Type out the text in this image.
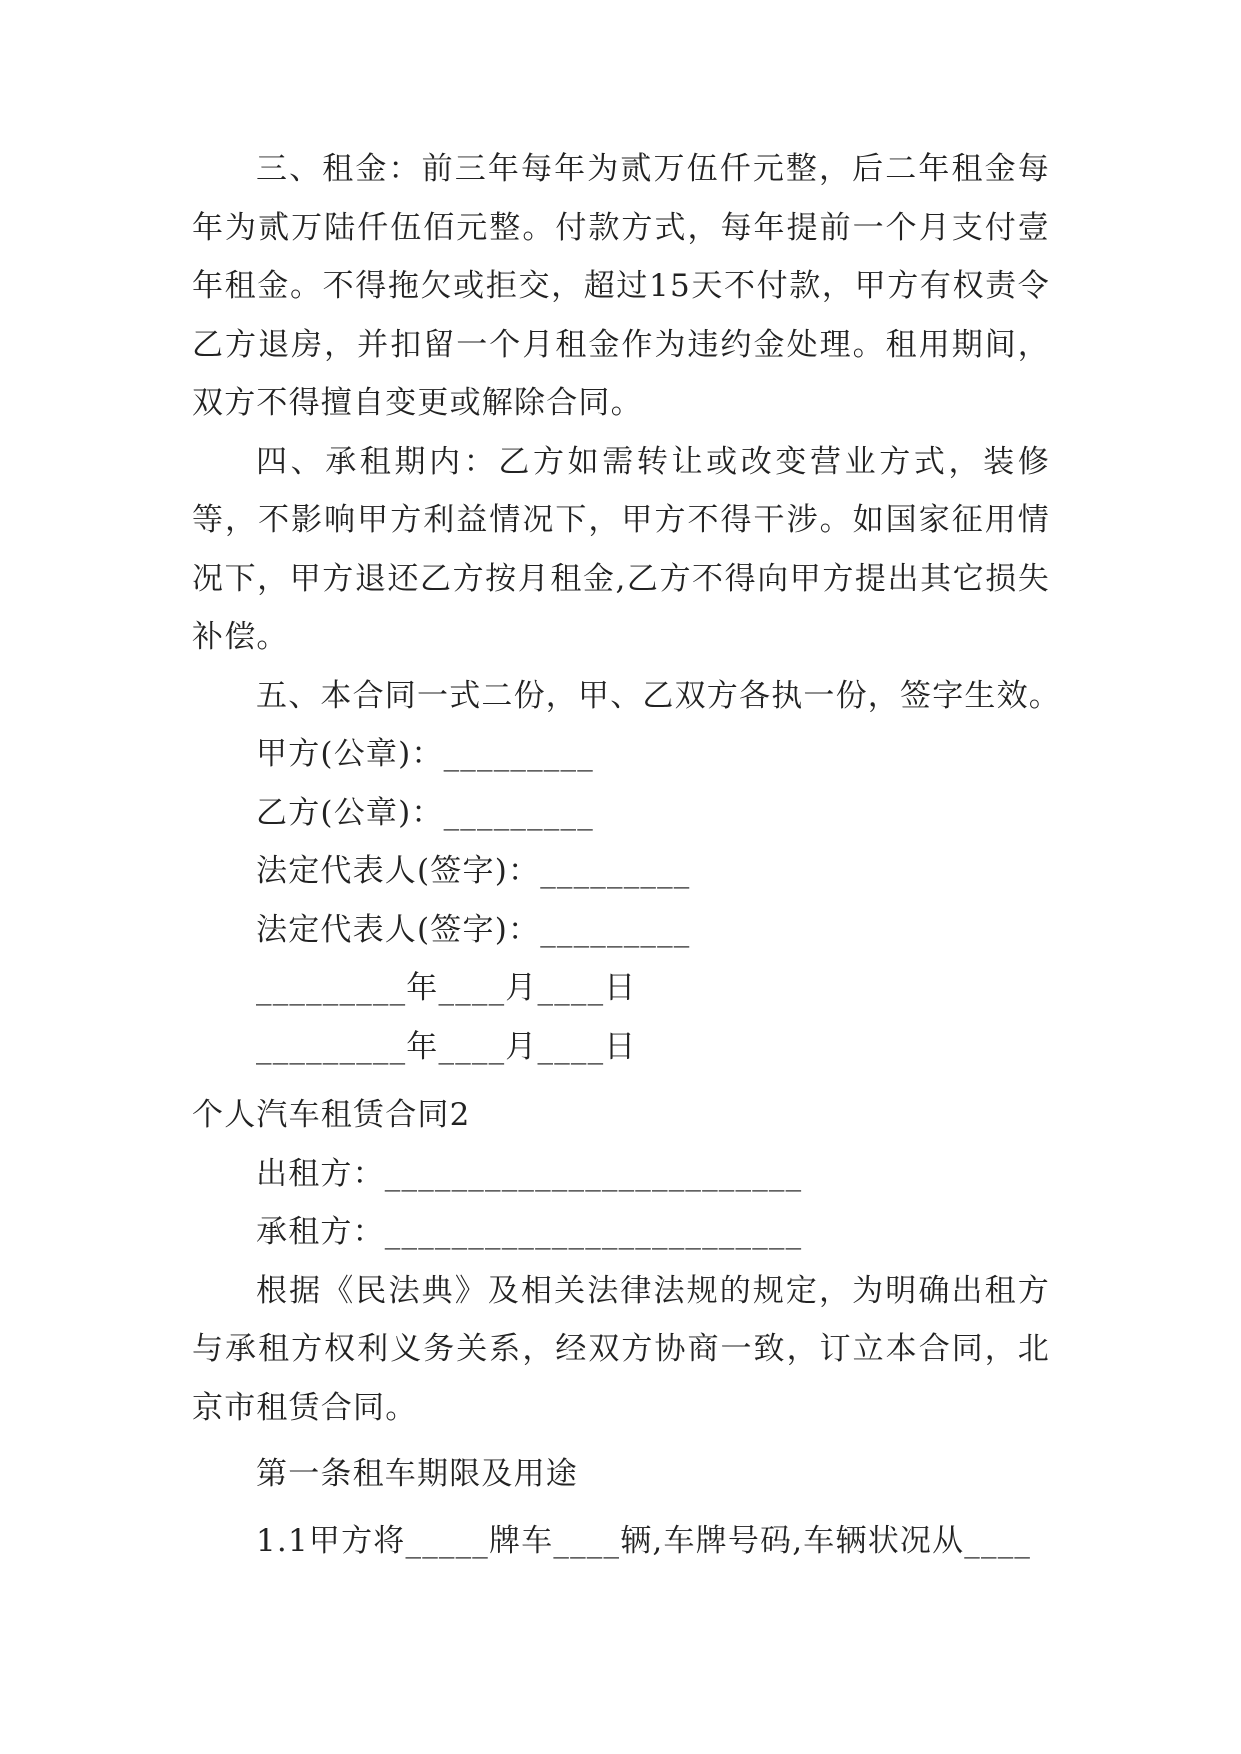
三、租金：前三年每年为贰万伍仟元整，后二年租金每年为贰万陆仟伍佰元整。付款方式，每年提前一个月支付壹年租金。不得拖欠或拒交，超过15天不付款，甲方有权责令乙方退房，并扣留一个月租金作为违约金处理。租用期间，双方不得擅自变更或解除合同。

四、承租期内：乙方如需转让或改变营业方式，装修等，不影响甲方利益情况下，甲方不得干涉。如国家征用情况下，甲方退还乙方按月租金,乙方不得向甲方提出其它损失补偿。

五、本合同一式二份，甲、乙双方各执一份，签字生效。

甲方(公章)：_________

乙方(公章)：_________

法定代表人(签字)：_________

法定代表人(签字)：_________

_________年____月____日

_________年____月____日

个人汽车租赁合同2

出租方：_________________________

承租方：_________________________

根据《民法典》及相关法律法规的规定，为明确出租方与承租方权利义务关系，经双方协商一致，订立本合同，北京市租赁合同。

第一条租车期限及用途

1.1甲方将_____牌车____辆,车牌号码,车辆状况从____
